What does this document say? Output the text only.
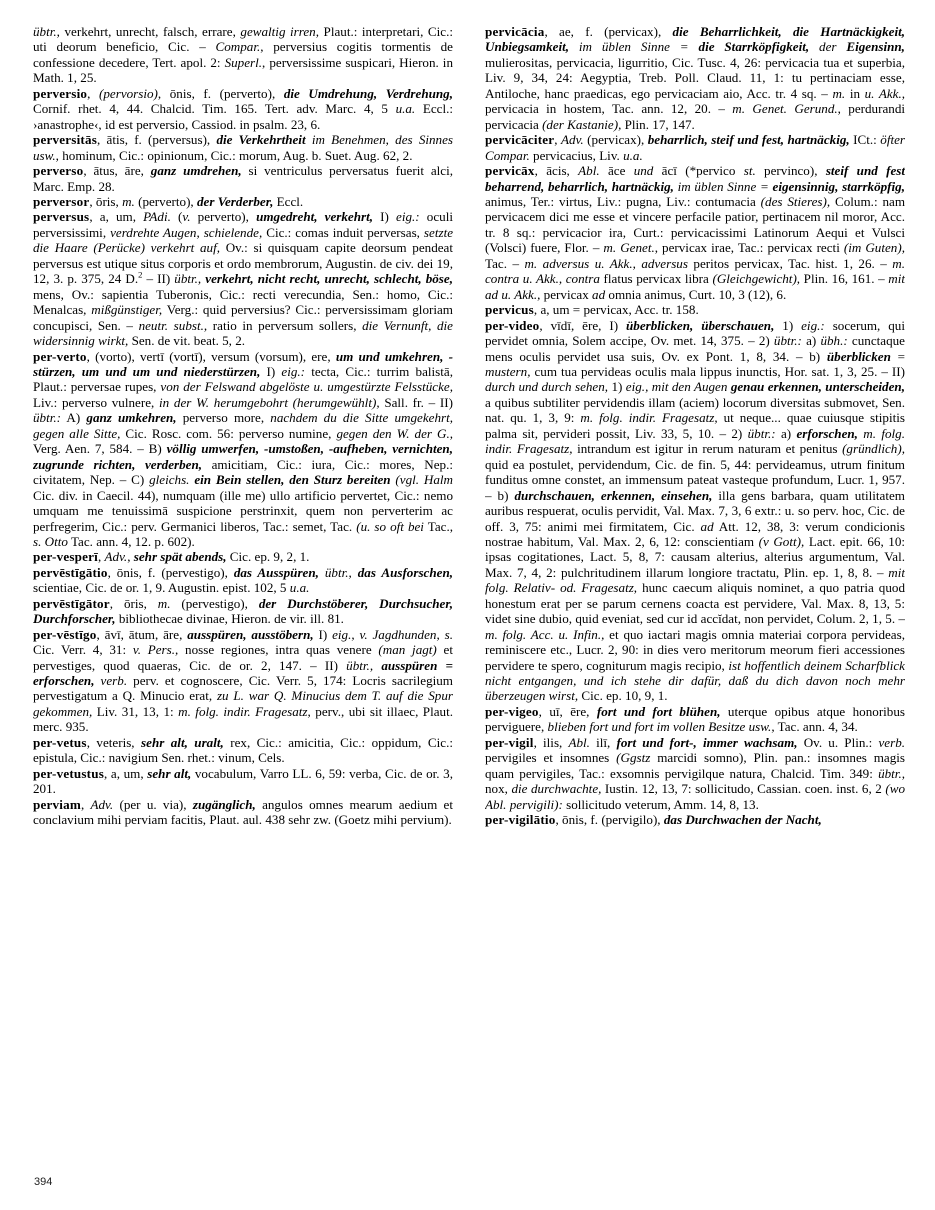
übtr., verkehrt, unrecht, falsch, errare, gewaltig irren, Plaut.: interpretari, Cic.: uti deorum beneficio, Cic. – Compar., perversius cogitis tormentis de confessione decedere, Tert. apol. 2: Superl., perversissime suspicari, Hieron. in Math. 1, 25.

perversio, (pervorsio), ōnis, f. (perverto), die Umdrehung, Verdrehung, Cornif. rhet. 4, 44. Chalcid. Tim. 165. Tert. adv. Marc. 4, 5 u.a. Eccl.: ›anastrophe‹, id est perversio, Cassiod. in psalm. 23, 6.

perversitās, ātis, f. (perversus), die Verkehrtheit im Benehmen, des Sinnes usw., hominum, Cic.: opinionum, Cic.: morum, Aug. b. Suet. Aug. 62, 2.

perverso, ātus, āre, ganz umdrehen, si ventriculus perversatus fuerit alci, Marc. Emp. 28.

perversor, ōris, m. (perverto), der Verderber, Eccl.

perversus, a, um, PAdi. (v. perverto), umgedreht, verkehrt, I) eig.: oculi perversissimi, verdrehte Augen, schielende, Cic.: comas induit perversas, setzte die Haare (Perücke) verkehrt auf, Ov.: si quisquam capite deorsum pendeat perversus est utique situs corporis et ordo membrorum, Augustin. de civ. dei 19, 12, 3. p. 375, 24 D.$^2$ – II) übtr., verkehrt, nicht recht, unrecht, schlecht, böse, mens, Ov.: sapientia Tuberonis, Cic.: recti verecundia, Sen.: homo, Cic.: Menalcas, mißgünstiger, Verg.: quid perversius? Cic.: perversissimam gloriam concupisci, Sen. – neutr. subst., ratio in perversum sollers, die Vernunft, die widersinnig wirkt, Sen. de vit. beat. 5, 2.

per-verto, (vorto), vertī (vortī), versum (vorsum), ere, um und umkehren, -stürzen, um und um und niederstürzen, I) eig.: tecta, Cic.: turrim balistā, Plaut.: perversae rupes, von der Felswand abgelöste u. umgestürzte Felsstücke, Liv.: perverso vulnere, in der W. herumgebohrt (herumgewühlt), Sall. fr. – II) übtr.: A) ganz umkehren, perverso more, nachdem du die Sitte umgekehrt, gegen alle Sitte, Cic. Rosc. com. 56: perverso numine, gegen den W. der G., Verg. Aen. 7, 584. – B) völlig umwerfen, -umstoßen, -aufheben, vernichten, zugrunde richten, verderben, amicitiam, Cic.: iura, Cic.: mores, Nep.: civitatem, Nep. – C) gleichs. ein Bein stellen, den Sturz bereiten (vgl. Halm Cic. div. in Caecil. 44), numquam (ille me) ullo artificio pervertet, Cic.: nemo umquam me tenuissimā suspicione perstrinxit, quem non perverterim ac perfregerim, Cic.: perv. Germanici liberos, Tac.: semet, Tac. (u. so oft bei Tac., s. Otto Tac. ann. 4, 12. p. 602).

per-vesperī, Adv., sehr spät abends, Cic. ep. 9, 2, 1.

pervēstīgātio, ōnis, f. (pervestigo), das Ausspüren, übtr., das Ausforschen, scientiae, Cic. de or. 1, 9. Augustin. epist. 102, 5 u.a.

pervēstīgātor, ōris, m. (pervestigo), der Durchstöberer, Durchsucher, Durchforscher, bibliothecae divinae, Hieron. de vir. ill. 81.

per-vēstīgo, āvī, ātum, āre, ausspüren, ausstöbern, I) eig., v. Jagdhunden, s. Cic. Verr. 4, 31: v. Pers., nosse regiones, intra quas venere (man jagt) et pervestiges, quod quaeras, Cic. de or. 2, 147. – II) übtr., ausspüren = erforschen, verb. perv. et cognoscere, Cic. Verr. 5, 174: Locris sacrilegium pervestigatum a Q. Minucio erat, zu L. war Q. Minucius dem T. auf die Spur gekommen, Liv. 31, 13, 1: m. folg. indir. Fragesatz, perv., ubi sit illaec, Plaut. merc. 935.

per-vetus, veteris, sehr alt, uralt, rex, Cic.: amicitia, Cic.: oppidum, Cic.: epistula, Cic.: navigium Sen. rhet.: vinum, Cels.

per-vetustus, a, um, sehr alt, vocabulum, Varro LL. 6, 59: verba, Cic. de or. 3, 201.

perviam, Adv. (per u. via), zugänglich, angulos omnes mearum aedium et conclavium mihi perviam facitis, Plaut. aul. 438 sehr zw. (Goetz mihi pervium).

pervicācia, ae, f. (pervicax), die Beharrlichkeit, die Hartnäckigkeit, Unbiegsamkeit, im üblen Sinne = die Starrköpfigkeit, der Eigensinn, mulierositas, pervicacia, ligurritio, Cic. Tusc. 4, 26: pervicacia tua et superbia, Liv. 9, 34, 24: Aegyptia, Treb. Poll. Claud. 11, 1: tu pertinaciam esse, Antiloche, hanc praedicas, ego pervicaciam aio, Acc. tr. 4 sq. – m. in u. Akk., pervicacia in hostem, Tac. ann. 12, 20. – m. Genet. Gerund., perdurandi pervicacia (der Kastanie), Plin. 17, 147.

pervicāciter, Adv. (pervicax), beharrlich, steif und fest, hartnäckig, ICt.: öfter Compar. pervicacius, Liv. u.a.

pervicāx, ācis, Abl. āce und ācī (*pervico st. pervinco), steif und fest beharrend, beharrlich, hartnäckig, im üblen Sinne = eigensinnig, starrköpfig, animus, Ter.: virtus, Liv.: pugna, Liv.: contumacia (des Stieres), Colum.: nam pervicacem dici me esse et vincere perfacile patior, pertinacem nil moror, Acc. tr. 8 sq.: pervicacior ira, Curt.: pervicacissimi Latinorum Aequi et Vulsci (Volsci) fuere, Flor. – m. Genet., pervicax irae, Tac.: pervicax recti (im Guten), Tac. – m. adversus u. Akk., adversus peritos pervicax, Tac. hist. 1, 26. – m. contra u. Akk., contra flatus pervicax libra (Gleichgewicht), Plin. 16, 161. – mit ad u. Akk., pervicax ad omnia animus, Curt. 10, 3 (12), 6.

pervicus, a, um = pervicax, Acc. tr. 158.

per-video, vīdī, ēre, I) überblicken, überschauen, 1) eig.: socerum, qui pervidet omnia, Solem accipe, Ov. met. 14, 375. – 2) übtr.: a) übh.: cunctaque mens oculis pervidet usa suis, Ov. ex Pont. 1, 8, 34. – b) überblicken = mustern, cum tua pervideas oculis mala lippus inunctis, Hor. sat. 1, 3, 25. – II) durch und durch sehen, 1) eig., mit den Augen genau erkennen, unterscheiden, a quibus subtiliter pervidendis illam (aciem) locorum diversitas submovet, Sen. nat. qu. 1, 3, 9: m. folg. indir. Fragesatz, ut neque... quae cuiusque stipitis palma sit, pervideri possit, Liv. 33, 5, 10. – 2) übtr.: a) erforschen, m. folg. indir. Fragesatz, intrandum est igitur in rerum naturam et penitus (gründlich), quid ea postulet, pervidendum, Cic. de fin. 5, 44: pervideamus, utrum finitum funditus omne constet, an immensum pateat vasteque profundum, Lucr. 1, 957. – b) durchschauen, erkennen, einsehen, illa gens barbara, quam utilitatem auribus respuerat, oculis pervidit, Val. Max. 7, 3, 6 extr.: u. so perv. hoc, Cic. de off. 3, 75: animi mei firmitatem, Cic. ad Att. 12, 38, 3: verum condicionis nostrae habitum, Val. Max. 2, 6, 12: conscientiam (v Gott), Lact. epit. 66, 10: ipsas cogitationes, Lact. 5, 8, 7: causam alterius, alterius argumentum, Val. Max. 7, 4, 2: pulchritudinem illarum longiore tractatu, Plin. ep. 1, 8, 8. – mit folg. Relativ- od. Fragesatz, hunc caecum aliquis nominet, a quo patria quod honestum erat per se parum cernens coacta est pervidere, Val. Max. 8, 13, 5: videt sine dubio, quid eveniat, sed cur id accĭdat, non pervidet, Colum. 2, 1, 5. – m. folg. Acc. u. Infin., et quo iactari magis omnia materiai corpora pervideas, reminiscere etc., Lucr. 2, 90: in dies vero meritorum meorum fieri accessiones pervidere te spero, cogniturum magis recipio, ist hoffentlich deinem Scharfblick nicht entgangen, und ich stehe dir dafür, daß du dich davon noch mehr überzeugen wirst, Cic. ep. 10, 9, 1.

per-vigeo, uī, ēre, fort und fort blühen, uterque opibus atque honoribus perviguere, blieben fort und fort im vollen Besitze usw., Tac. ann. 4, 34.

per-vigil, ilis, Abl. ilī, fort und fort-, immer wachsam, Ov. u. Plin.: verb. pervigiles et insomnes (Ggstz marcidi somno), Plin. pan.: insomnes magis quam pervigiles, Tac.: exsomnis pervigilque natura, Chalcid. Tim. 349: übtr., nox, die durchwachte, Iustin. 12, 13, 7: sollicitudo, Cassian. coen. inst. 6, 2 (wo Abl. pervigili): sollicitudo veterum, Amm. 14, 8, 13.

per-vigilātio, ōnis, f. (pervigilo), das Durchwachen der Nacht,

394
